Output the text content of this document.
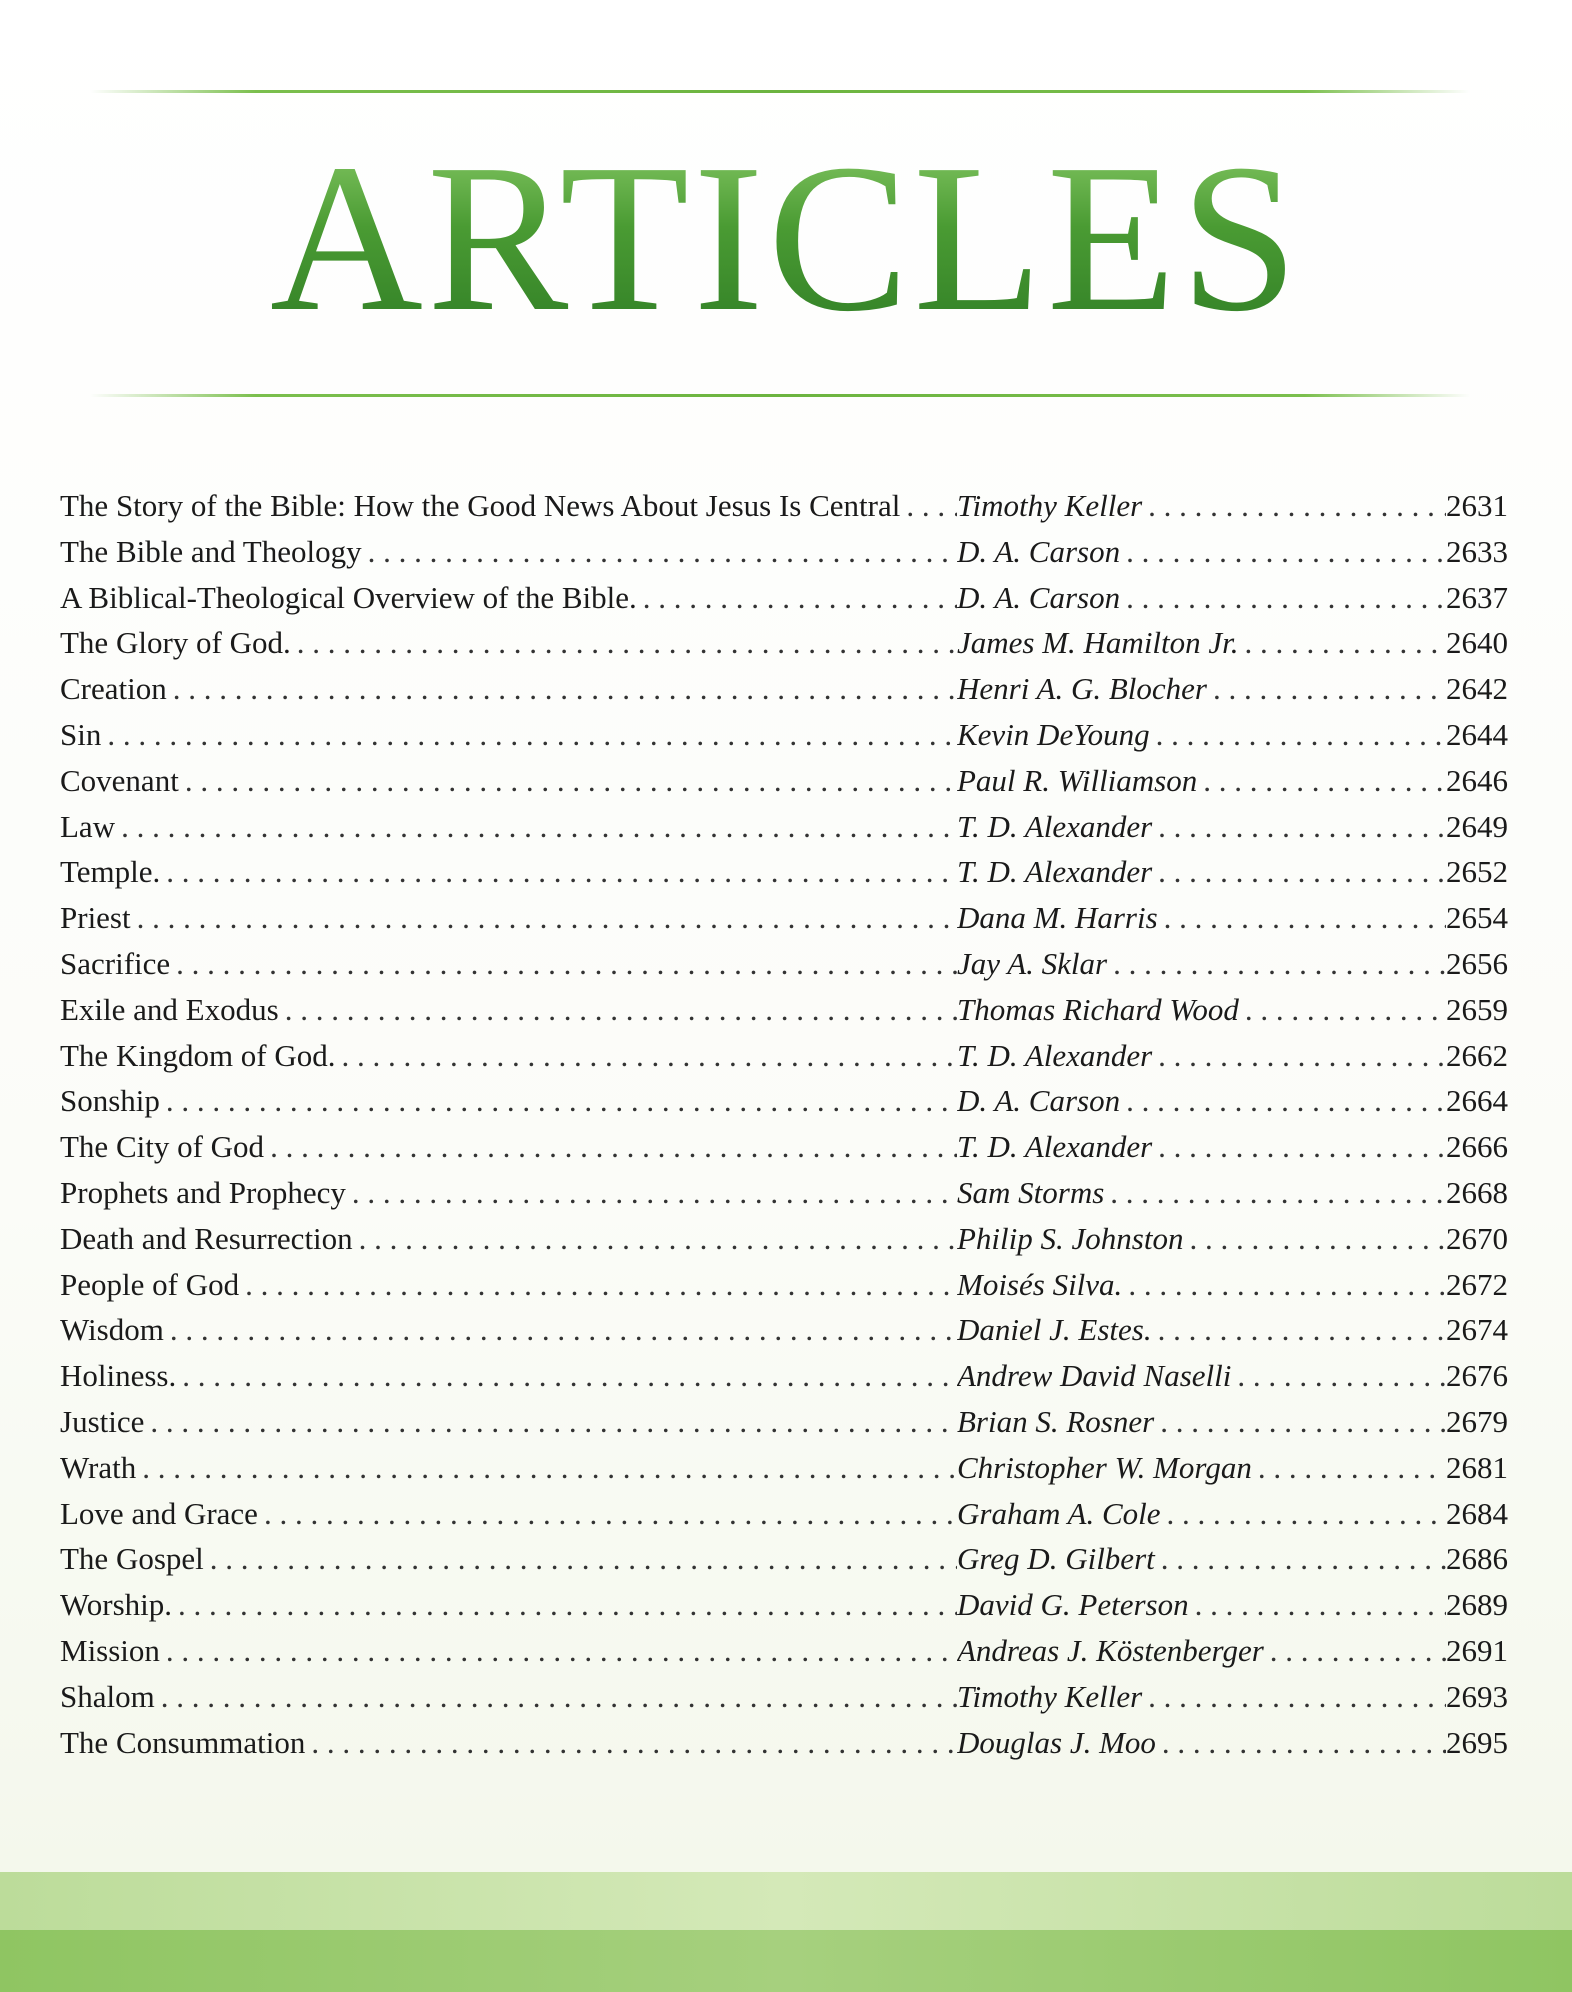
ARTICLES
The Story of the Bible: How the Good News About Jesus Is Central . . . Timothy Keller . . .	2631
The Bible and Theology . . .	D. A. Carson . . .	2633
A Biblical-Theological Overview of the Bible. . . .	D. A. Carson . . .	2637
The Glory of God. . . .	James M. Hamilton Jr. . . .	2640
Creation . . .	Henri A. G. Blocher . . .	2642
Sin . . .	Kevin DeYoung . . .	2644
Covenant . . .	Paul R. Williamson . . .	2646
Law . . .	T. D. Alexander . . .	2649
Temple. . . .	T. D. Alexander . . .	2652
Priest . . .	Dana M. Harris . . .	2654
Sacrifice . . .	Jay A. Sklar . . .	2656
Exile and Exodus . . .	Thomas Richard Wood . . .	2659
The Kingdom of God. . . .	T. D. Alexander . . .	2662
Sonship . . .	D. A. Carson . . .	2664
The City of God . . .	T. D. Alexander . . .	2666
Prophets and Prophecy . . .	Sam Storms . . .	2668
Death and Resurrection . . .	Philip S. Johnston . . .	2670
People of God . . .	Moisés Silva. . . .	2672
Wisdom . . .	Daniel J. Estes. . . .	2674
Holiness. . . .	Andrew David Naselli . . .	2676
Justice . . .	Brian S. Rosner . . .	2679
Wrath . . .	Christopher W. Morgan . . .	2681
Love and Grace . . .	Graham A. Cole . . .	2684
The Gospel . . .	Greg D. Gilbert . . .	2686
Worship. . . .	David G. Peterson . . .	2689
Mission . . .	Andreas J. Köstenberger . . .	2691
Shalom . . .	Timothy Keller . . .	2693
The Consummation . . .	Douglas J. Moo . . .	2695
